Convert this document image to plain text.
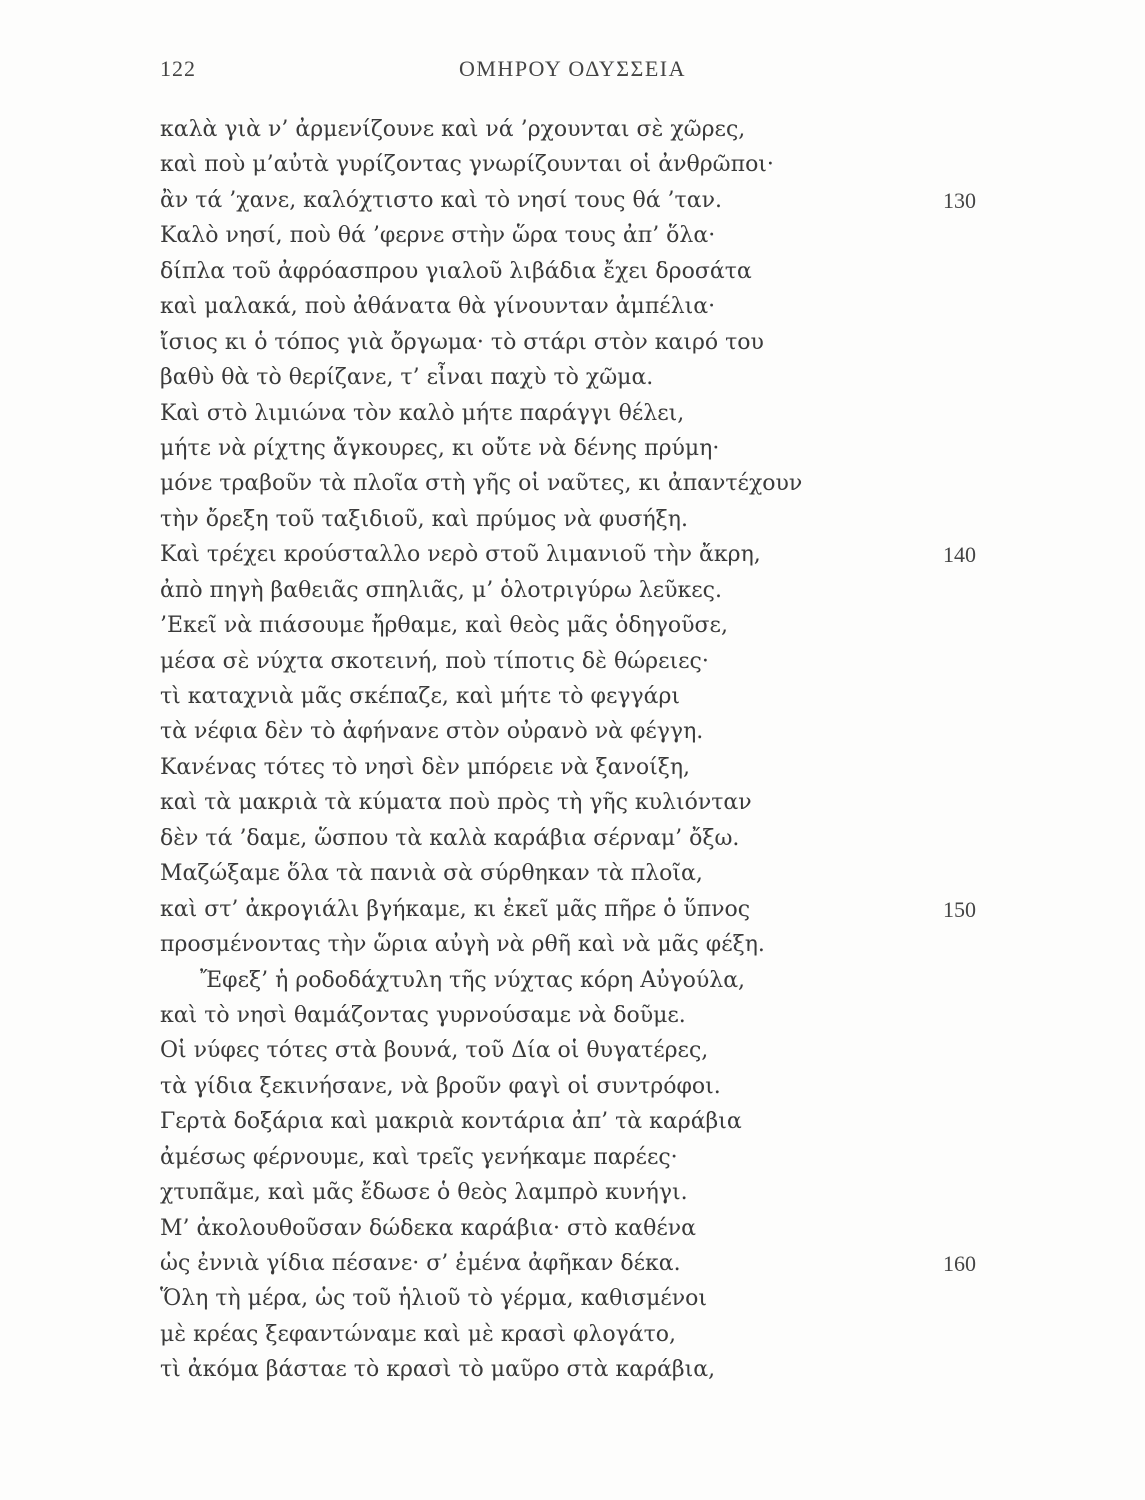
122	ΟΜΗΡΟΥ ΟΔΥΣΣΕΙΑ
καλὰ γιὰ ν’ ἀρμενίζουνε καὶ νά ’ρχουνται σὲ χῶρες,
καὶ ποὺ μ’αὐτὰ γυρίζοντας γνωρίζουνται οἱ ἀνθρῶποι·
ἂν τά ’χανε, καλόχτιστο καὶ τὸ νησί τους θά ’ταν.	130
Καλὸ νησί, ποὺ θά ’φερνε στὴν ὥρα τους ἀπ’ ὅλα·
δίπλα τοῦ ἀφρόασπρου γιαλοῦ λιβάδια ἔχει δροσάτα
καὶ μαλακά, ποὺ ἀθάνατα θὰ γίνουνταν ἀμπέλια·
ἴσιος κι ὁ τόπος γιὰ ὄργωμα· τὸ στάρι στὸν καιρό του
βαθὺ θὰ τὸ θερίζανε, τ’ εἶναι παχὺ τὸ χῶμα.
Καὶ στὸ λιμιώνα τὸν καλὸ μήτε παράγγι θέλει,
μήτε νὰ ρίχτης ἄγκουρες, κι οὔτε νὰ δένης πρύμη·
μόνε τραβοῦν τὰ πλοῖα στὴ γῆς οἱ ναῦτες, κι ἀπαντέχουν
τὴν ὄρεξη τοῦ ταξιδιοῦ, καὶ πρύμος νὰ φυσήξη.
Καὶ τρέχει κρούσταλλο νερὸ στοῦ λιμανιοῦ τὴν ἄκρη,	140
ἀπὸ πηγὴ βαθειᾶς σπηλιᾶς, μ’ ὁλοτριγύρω λεῦκες.
’Εκεῖ νὰ πιάσουμε ἤρθαμε, καὶ θεὸς μᾶς ὁδηγοῦσε,
μέσα σὲ νύχτα σκοτεινή, ποὺ τίποτις δὲ θώρειες·
τὶ καταχνιὰ μᾶς σκέπαζε, καὶ μήτε τὸ φεγγάρι
τὰ νέφια δὲν τὸ ἀφήνανε στὸν οὐρανὸ νὰ φέγγη.
Κανένας τότες τὸ νησὶ δὲν μπόρειε νὰ ξανοίξη,
καὶ τὰ μακριὰ τὰ κύματα ποὺ πρὸς τὴ γῆς κυλιόνταν
δὲν τά ’δαμε, ὥσπου τὰ καλὰ καράβια σέρναμ’ ὄξω.
Μαζώξαμε ὅλα τὰ πανιὰ σὰ σύρθηκαν τὰ πλοῖα,
καὶ στ’ ἀκρογιάλι βγήκαμε, κι ἐκεῖ μᾶς πῆρε ὁ ὕπνος	150
προσμένοντας τὴν ὥρια αὐγὴ νὰ ρθῆ καὶ νὰ μᾶς φέξη.
Ἔφεξ’ ἡ ροδοδάχτυλη τῆς νύχτας κόρη Αὐγούλα,
καὶ τὸ νησὶ θαμάζοντας γυρνούσαμε νὰ δοῦμε.
Οἱ νύφες τότες στὰ βουνά, τοῦ Δία οἱ θυγατέρες,
τὰ γίδια ξεκινήσανε, νὰ βροῦν φαγὶ οἱ συντρόφοι.
Γερτὰ δοξάρια καὶ μακριὰ κοντάρια ἀπ’ τὰ καράβια
ἀμέσως φέρνουμε, καὶ τρεῖς γενήκαμε παρέες·
χτυπᾶμε, καὶ μᾶς ἔδωσε ὁ θεὸς λαμπρὸ κυνήγι.
Μ’ ἀκολουθοῦσαν δώδεκα καράβια· στὸ καθένα
ὡς ἐννιὰ γίδια πέσανε· σ’ ἐμένα ἀφῆκαν δέκα.	160
Ὅλη τὴ μέρα, ὡς τοῦ ἡλιοῦ τὸ γέρμα, καθισμένοι
μὲ κρέας ξεφαντώναμε καὶ μὲ κρασὶ φλογάτο,
τὶ ἀκόμα βάσταε τὸ κρασὶ τὸ μαῦρο στὰ καράβια,
